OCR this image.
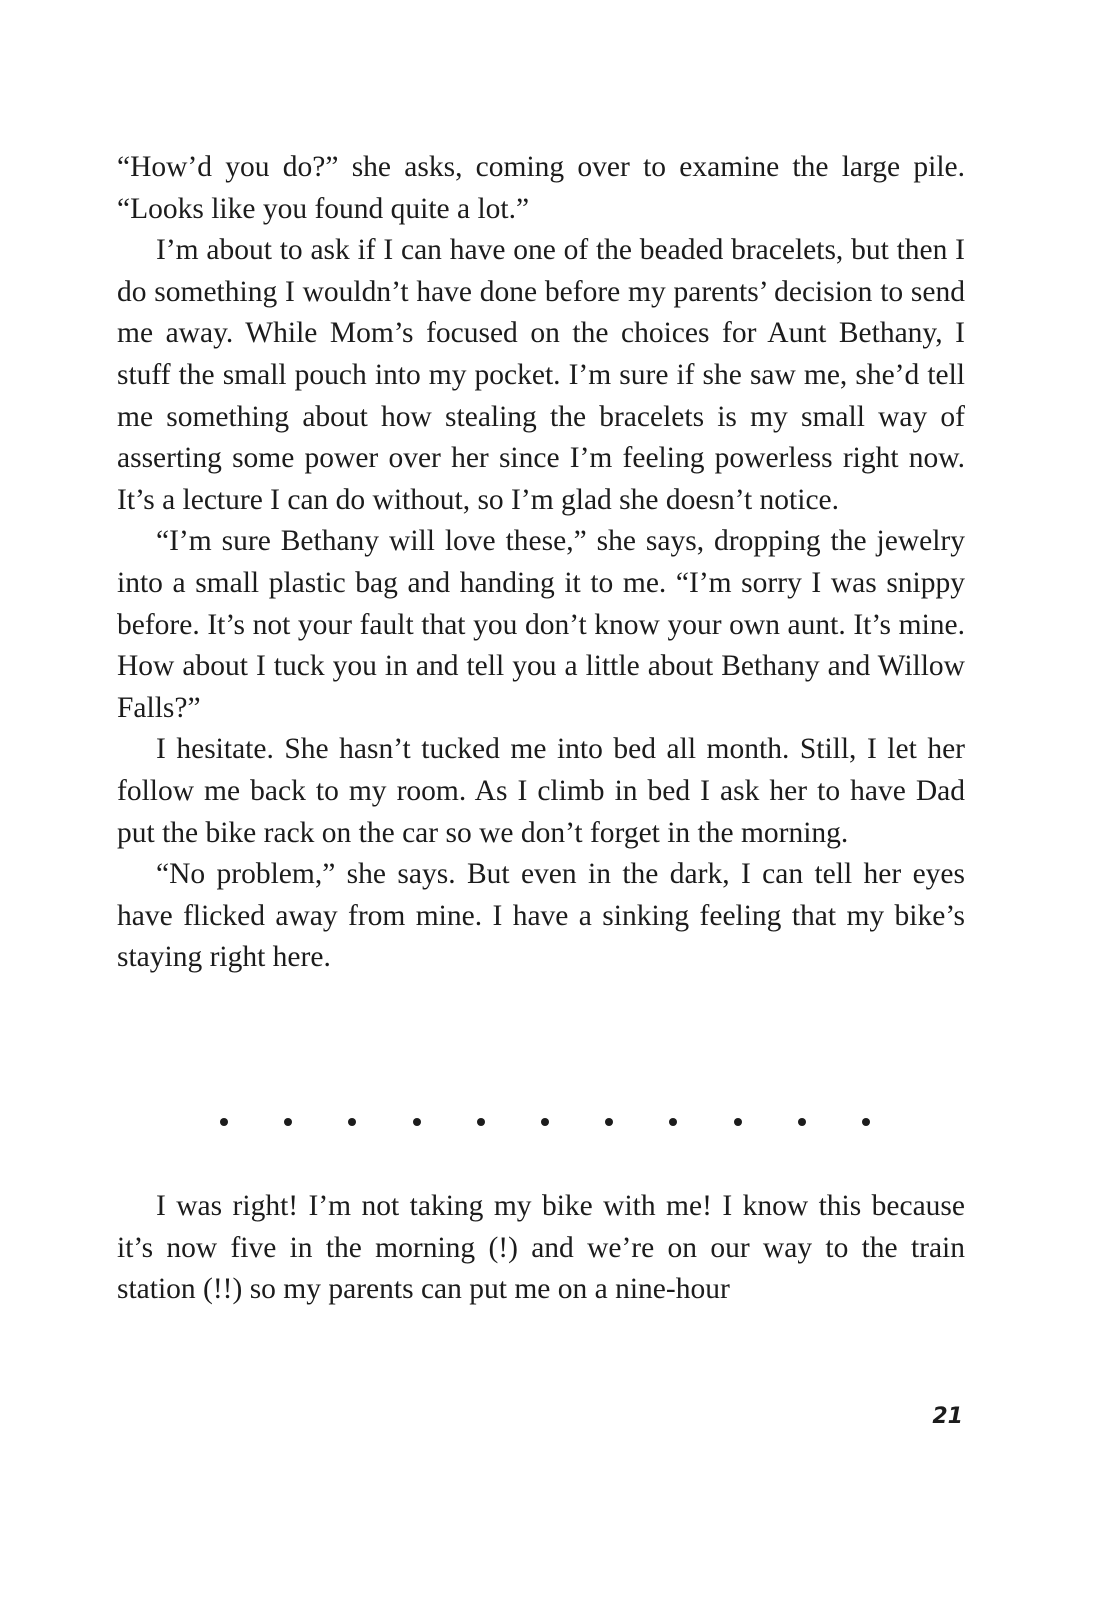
“How’d you do?” she asks, coming over to examine the large pile. “Looks like you found quite a lot.”

I’m about to ask if I can have one of the beaded bracelets, but then I do something I wouldn’t have done before my parents’ decision to send me away. While Mom’s focused on the choices for Aunt Bethany, I stuff the small pouch into my pocket. I’m sure if she saw me, she’d tell me something about how stealing the bracelets is my small way of asserting some power over her since I’m feeling powerless right now. It’s a lecture I can do without, so I’m glad she doesn’t notice.

“I’m sure Bethany will love these,” she says, dropping the jewelry into a small plastic bag and handing it to me. “I’m sorry I was snippy before. It’s not your fault that you don’t know your own aunt. It’s mine. How about I tuck you in and tell you a little about Bethany and Willow Falls?”

I hesitate. She hasn’t tucked me into bed all month. Still, I let her follow me back to my room. As I climb in bed I ask her to have Dad put the bike rack on the car so we don’t forget in the morning.

“No problem,” she says. But even in the dark, I can tell her eyes have flicked away from mine. I have a sinking feeling that my bike’s staying right here.

I was right! I’m not taking my bike with me! I know this because it’s now five in the morning (!) and we’re on our way to the train station (!!) so my parents can put me on a nine-hour

21
